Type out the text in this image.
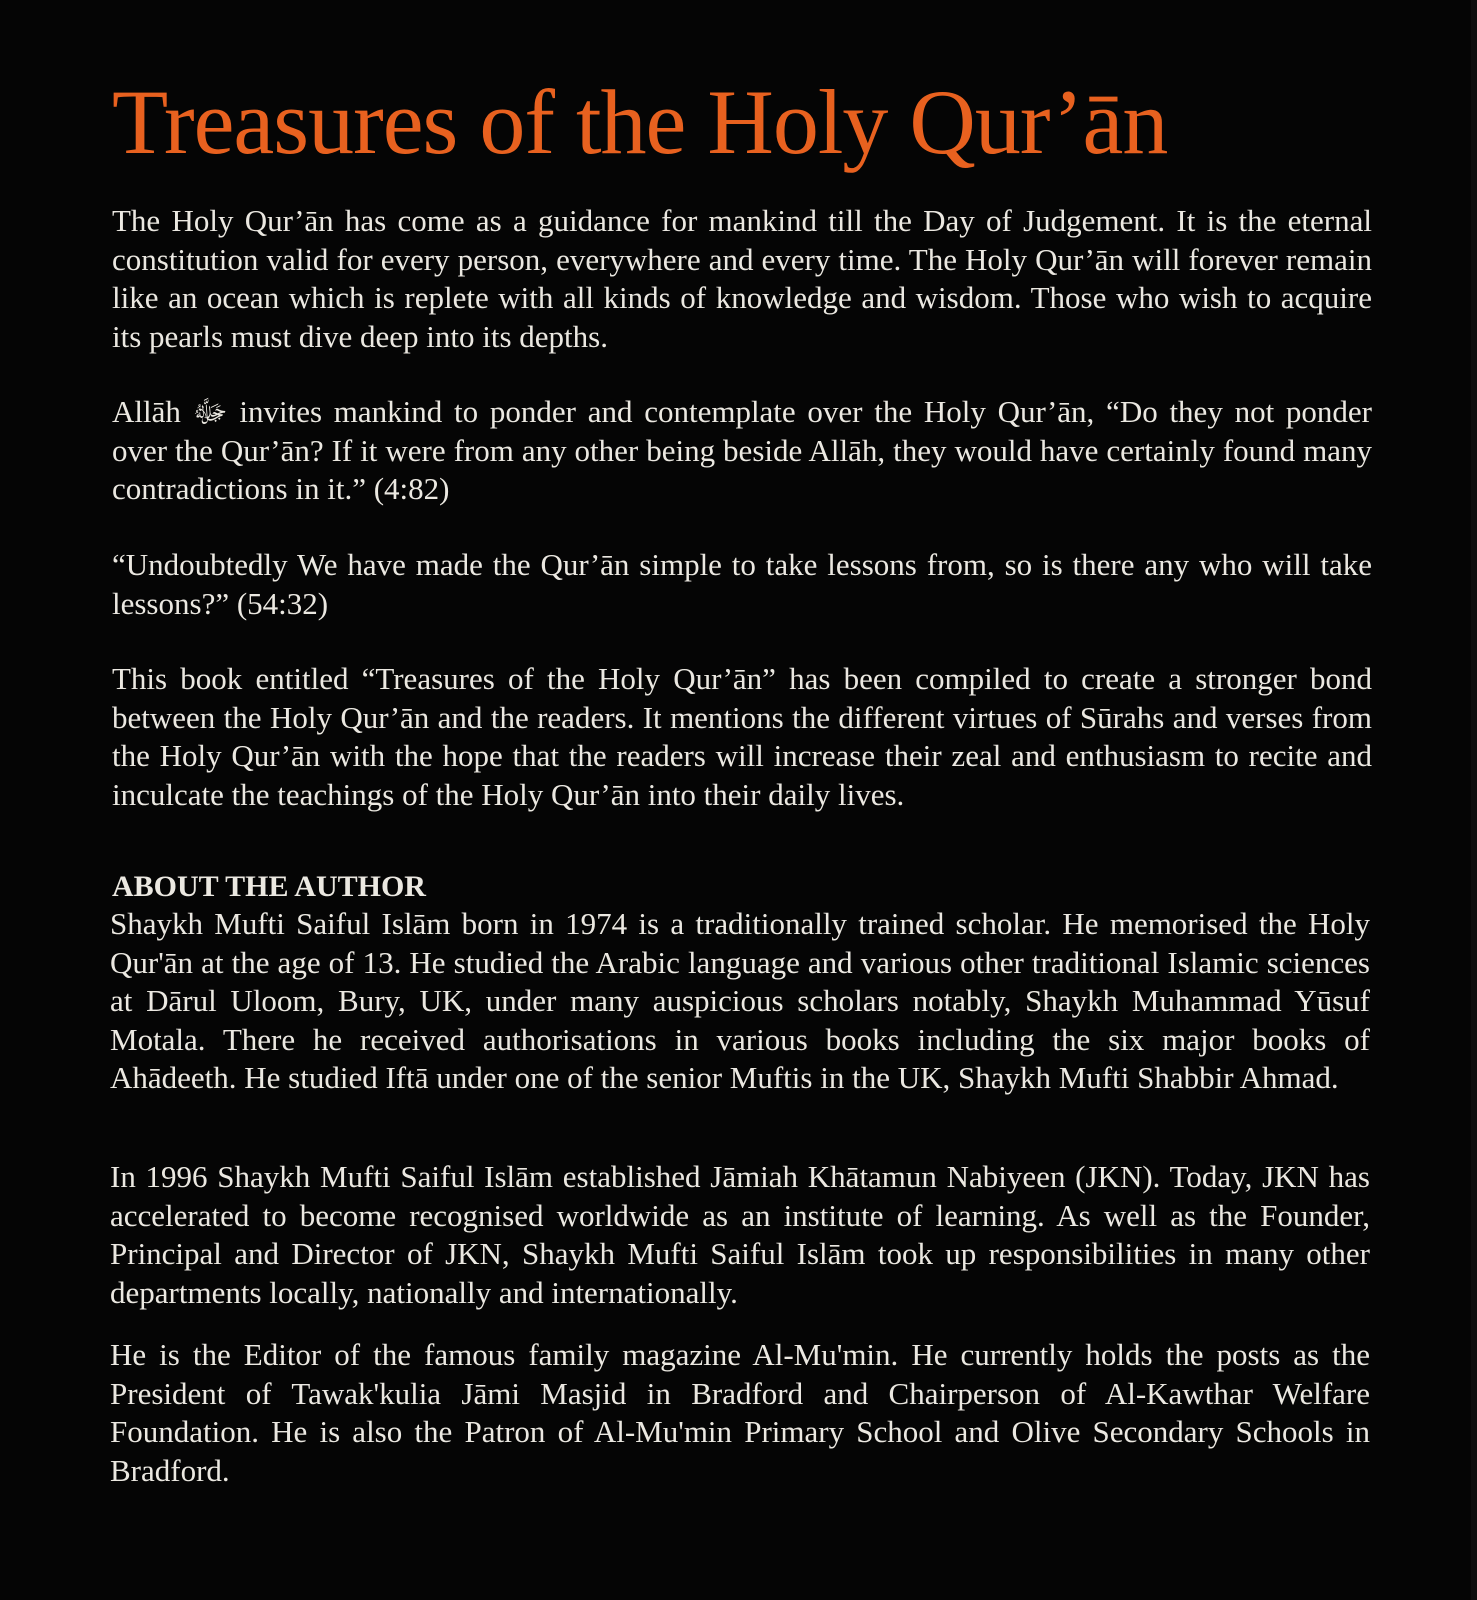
Treasures of the Holy Qur’ān

The Holy Qur’ān has come as a guidance for mankind till the Day of Judgement. It is the eternal constitution valid for every person, everywhere and every time. The Holy Qur’ān will forever remain like an ocean which is replete with all kinds of knowledge and wisdom. Those who wish to acquire its pearls must dive deep into its depths.

Allāh ﷻ invites mankind to ponder and contemplate over the Holy Qur’ān, “Do they not ponder over the Qur’ān? If it were from any other being beside Allāh, they would have certainly found many contradictions in it.” (4:82)

“Undoubtedly We have made the Qur’ān simple to take lessons from, so is there any who will take lessons?” (54:32)

This book entitled “Treasures of the Holy Qur’ān” has been compiled to create a stronger bond between the Holy Qur’ān and the readers. It mentions the different virtues of Sūrahs and verses from the Holy Qur’ān with the hope that the readers will increase their zeal and enthusiasm to recite and inculcate the teachings of the Holy Qur’ān into their daily lives.

ABOUT THE AUTHOR

Shaykh Mufti Saiful Islām born in 1974 is a traditionally trained scholar. He memorised the Holy Qur'ān at the age of 13. He studied the Arabic language and various other traditional Islamic sciences at Dārul Uloom, Bury, UK, under many auspicious scholars notably, Shaykh Muhammad Yūsuf Motala. There he received authorisations in various books including the six major books of Ahādeeth. He studied Iftā under one of the senior Muftis in the UK, Shaykh Mufti Shabbir Ahmad.

In 1996 Shaykh Mufti Saiful Islām established Jāmiah Khātamun Nabiyeen (JKN). Today, JKN has accelerated to become recognised worldwide as an institute of learning. As well as the Founder, Principal and Director of JKN, Shaykh Mufti Saiful Islām took up responsibilities in many other departments locally, nationally and internationally.

He is the Editor of the famous family magazine Al-Mu'min. He currently holds the posts as the President of Tawak'kulia Jāmi Masjid in Bradford and Chairperson of Al-Kawthar Welfare Foundation. He is also the Patron of Al-Mu'min Primary School and Olive Secondary Schools in Bradford.
